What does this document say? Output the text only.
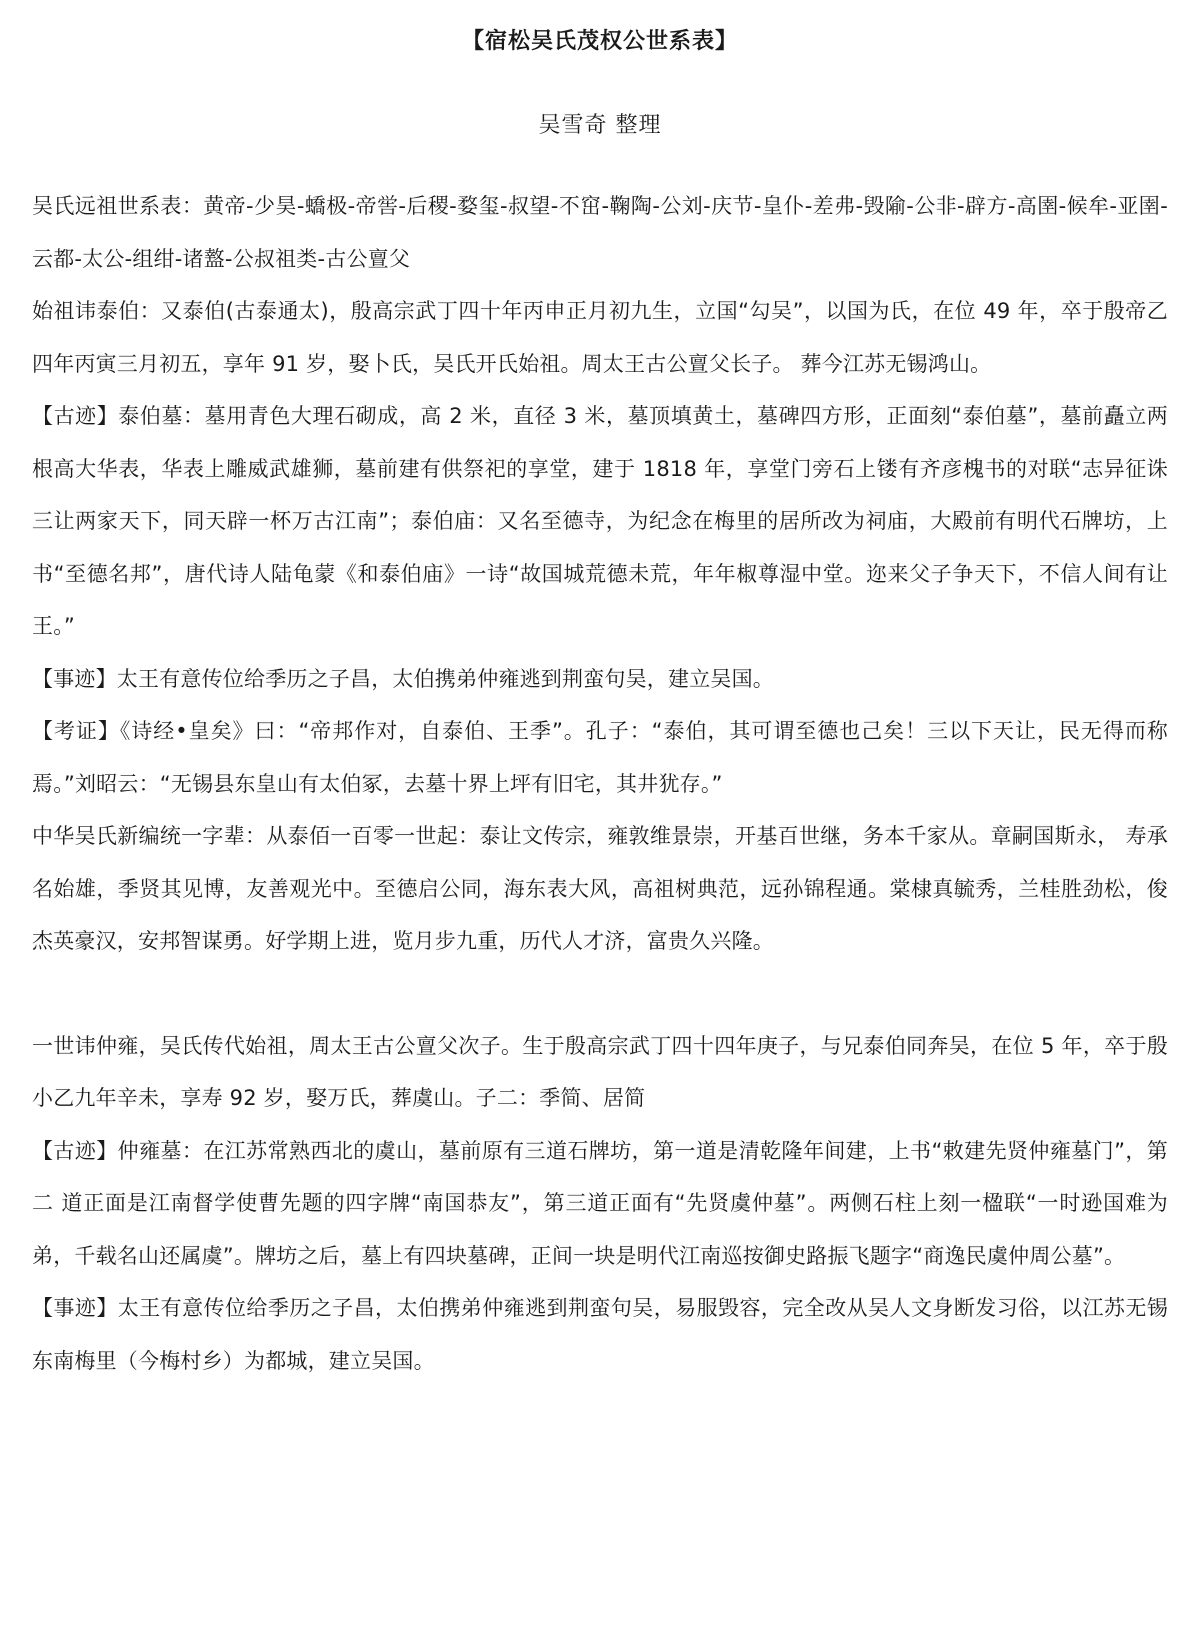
【宿松吴氏茂权公世系表】
吴雪奇 整理

吴氏远祖世系表：黄帝-少昊-蟜极-帝喾-后稷-婺玺-叔望-不窋-鞠陶-公刘-庆节-皇仆-差弗-毁隃-公非-辟方-高圉-候牟-亚圉-云都-太公-组绀-诸盩-公叔祖类-古公亶父

始祖讳泰伯：又泰伯(古泰通太)，殷高宗武丁四十年丙申正月初九生，立国“勾吴”，以国为氏，在位 49 年，卒于殷帝乙四年丙寅三月初五，享年 91 岁，娶卜氏，吴氏开氏始祖。周太王古公亶父长子。 葬今江苏无锡鸿山。

【古迹】泰伯墓：墓用青色大理石砌成，高 2 米，直径 3 米，墓顶填黄土，墓碑四方形，正面刻“泰伯墓”，墓前矗立两根高大华表，华表上雕威武雄狮，墓前建有供祭祀的享堂，建于 1818 年，享堂门旁石上镂有齐彦槐书的对联“志异征诛三让两家天下，同天辟一杯万古江南”；泰伯庙：又名至德寺，为纪念在梅里的居所改为祠庙，大殿前有明代石牌坊，上书“至德名邦”，唐代诗人陆龟蒙《和泰伯庙》一诗“故国城荒德未荒，年年椒尊湿中堂。迩来父子争天下，不信人间有让王。”

【事迹】太王有意传位给季历之子昌，太伯携弟仲雍逃到荆蛮句吴，建立吴国。

【考证】《诗经•皇矣》曰：“帝邦作对，自泰伯、王季”。孔子：“泰伯，其可谓至德也己矣！三以下天让，民无得而称焉。”刘昭云：“无锡县东皇山有太伯冢，去墓十界上坪有旧宅，其井犹存。”

中华吴氏新编统一字辈：从泰佰一百零一世起：泰让文传宗，雍敦维景崇，开基百世继，务本千家从。章嗣国斯永， 寿承名始雄，季贤其见博，友善观光中。至德启公同，海东表大风，高祖树典范，远孙锦程通。棠棣真毓秀，兰桂胜劲松，俊杰英豪汉，安邦智谋勇。好学期上进，览月步九重，历代人才济，富贵久兴隆。

一世讳仲雍，吴氏传代始祖，周太王古公亶父次子。生于殷高宗武丁四十四年庚子，与兄泰伯同奔吴，在位 5 年，卒于殷小乙九年辛未，享寿 92 岁，娶万氏，葬虞山。子二：季简、居简

【古迹】仲雍墓：在江苏常熟西北的虞山，墓前原有三道石牌坊，第一道是清乾隆年间建，上书“敕建先贤仲雍墓门”，第二 道正面是江南督学使曹先题的四字牌“南国恭友”，第三道正面有“先贤虞仲墓”。两侧石柱上刻一楹联“一时逊国难为弟，千载名山还属虞”。牌坊之后，墓上有四块墓碑，正间一块是明代江南巡按御史路振飞题字“商逸民虞仲周公墓”。

【事迹】太王有意传位给季历之子昌，太伯携弟仲雍逃到荆蛮句吴，易服毁容，完全改从吴人文身断发习俗，以江苏无锡东南梅里（今梅村乡）为都城，建立吴国。
